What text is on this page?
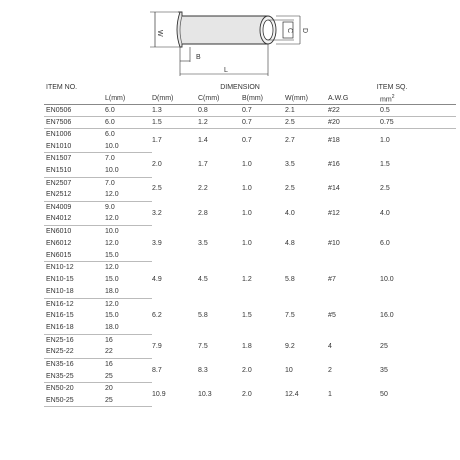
W	C D
B
L
ITEM NO.		DIMENSION				ITEM SQ.	
	L(mm)	D(mm)	C(mm)	B(mm)	W(mm)	A.W.G	$mm^2$
EN0506	6.0	1.3	0.8	0.7	2.1	#22	0.5
EN7506	6.0	1.5	1.2	0.7	2.5	#20	0.75
EN1006	6.0	1.7	1.4	0.7	2.7	#18	1.0
EN1010	10.0						
EN1507	7.0	2.0	1.7	1.0	3.5	#16	1.5
EN1510	10.0						
EN2507	7.0	2.5	2.2	1.0	2.5	#14	2.5
EN2512	12.0						
EN4009	9.0	3.2	2.8	1.0	4.0	#12	4.0
EN4012	12.0						
EN6010	10.0	3.9	3.5	1.0	4.8	#10	6.0
EN6012	12.0						
EN6015	15.0						
EN10-12	12.0	4.9	4.5	1.2	5.8	#7	10.0
EN10-15	15.0						
EN10-18	18.0						
EN16-12	12.0	6.2	5.8	1.5	7.5	#5	16.0
EN16-15	15.0						
EN16-18	18.0						
EN25-16	16	7.9	7.5	1.8	9.2	4	25
EN25-22	22						
EN35-16	16	8.7	8.3	2.0	10	2	35
EN35-25	25						
EN50-20	20	10.9	10.3	2.0	12.4	1	50
EN50-25	25						
